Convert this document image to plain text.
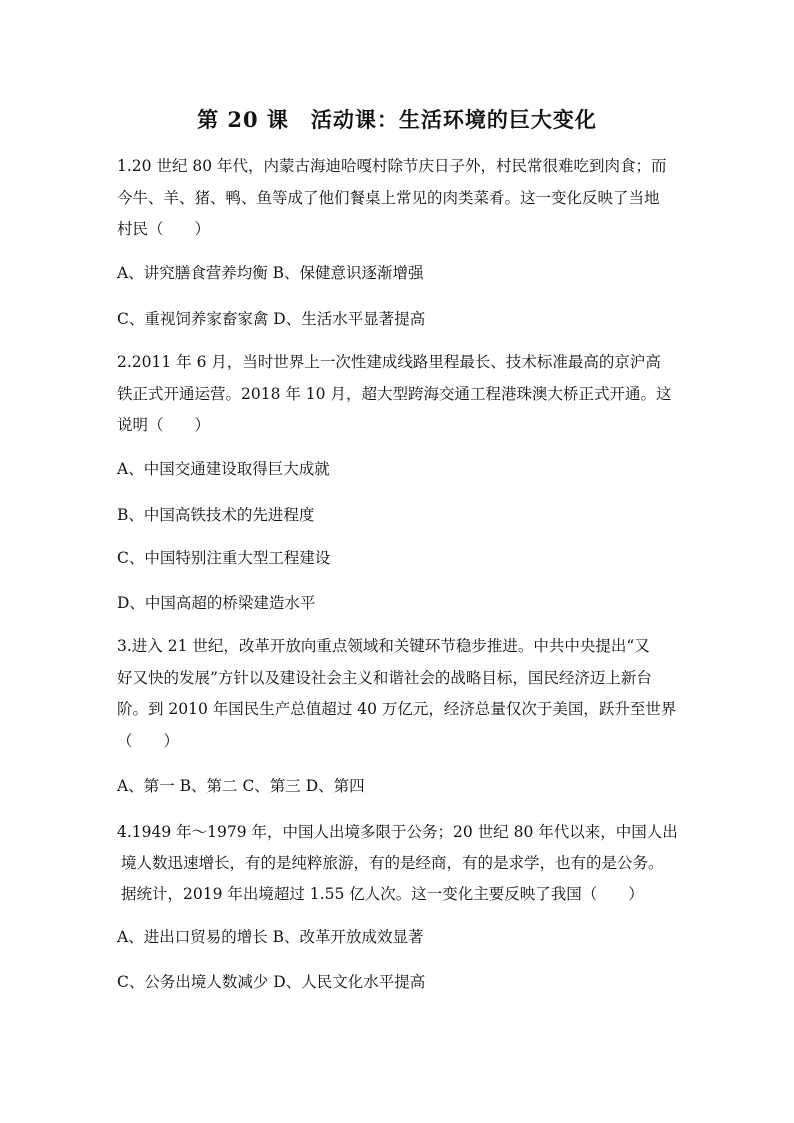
第 20 课　活动课：生活环境的巨大变化
1.20 世纪 80 年代，内蒙古海迪哈嘎村除节庆日子外，村民常很难吃到肉食；而
今牛、羊、猪、鸭、鱼等成了他们餐桌上常见的肉类菜肴。这一变化反映了当地
村民（　　）
A、讲究膳食营养均衡 B、保健意识逐渐增强
C、重视饲养家畜家禽 D、生活水平显著提高
2.2011 年 6 月，当时世界上一次性建成线路里程最长、技术标准最高的京沪高
铁正式开通运营。2018 年 10 月，超大型跨海交通工程港珠澳大桥正式开通。这
说明（　　）
A、中国交通建设取得巨大成就
B、中国高铁技术的先进程度
C、中国特别注重大型工程建设
D、中国高超的桥梁建造水平
3.进入 21 世纪，改革开放向重点领域和关键环节稳步推进。中共中央提出“又
好又快的发展”方针以及建设社会主义和谐社会的战略目标，国民经济迈上新台
阶。到 2010 年国民生产总值超过 40 万亿元，经济总量仅次于美国，跃升至世界
（　　）
A、第一 B、第二 C、第三 D、第四
4.1949 年～1979 年，中国人出境多限于公务；20 世纪 80 年代以来，中国人出
境人数迅速增长，有的是纯粹旅游，有的是经商，有的是求学，也有的是公务。
据统计，2019 年出境超过 1.55 亿人次。这一变化主要反映了我国（　　）
A、进出口贸易的增长 B、改革开放成效显著
C、公务出境人数减少 D、人民文化水平提高
